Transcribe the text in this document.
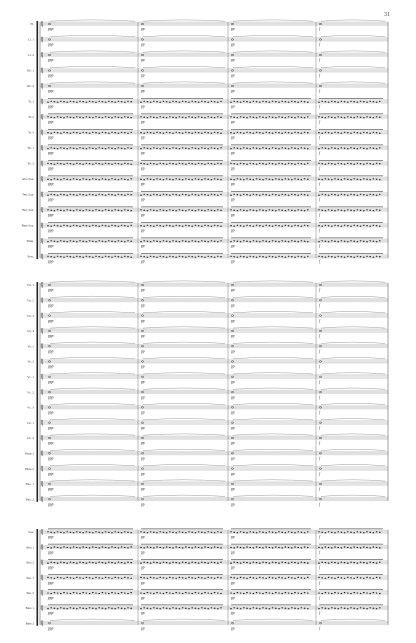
31
Fl.
ppp	pp	pp	f
Cl. 1
ppp	pp	pp	f
Cl. 2
ppp	pp	pp	f
Ob. 1
ppp	pp	pp	f
Ob. 2
ppp	pp	pp	f
Tr. 1
ppp	pp	pp	f
Tr. 2
ppp	pp	pp	f
Tr. 3
ppp	pp	pp	f
Tb. 1
ppp	pp	pp	f
Tb. 2
ppp	pp	pp	f
Alto Sax.
ppp	pp	pp	f
Ten. Sax.
ppp	pp	pp	f
Bar. Sax.
ppp	pp	pp	f
Bass Sax.
ppp	pp	pp	f
Timp.
ppp	pp	pp	f
Perc.
ppp	pp	pp	f
Vn. 1
ppp	pp	pp	f
Vn. 2
ppp	pp	pp	f
Vn. 3
ppp	pp	pp	f
Vn. 4
ppp	pp	pp	f
Va. 1
ppp	pp	pp	f
Va. 2
ppp	pp	pp	f
Vc. 1
ppp	pp	pp	f
Vc. 2
ppp	pp	pp	f
Vc. 3
ppp	pp	pp	f
Cb. 1
ppp	pp	pp	f
Cb. 2
ppp	pp	pp	f
Harp 1
ppp	pp	pp	f
Harp 2
ppp	pp	pp	f
Pno. 1
ppp	pp	pp	f
Pno. 2
ppp	pp	pp	f
Sop.
ppp	pp	pp	f
Alto 1
ppp	pp	pp	f
Alto 2
ppp	pp	pp	f
Ten. 1
ppp	pp	pp	f
Ten. 2
ppp	pp	pp	f
Bass 1
ppp	pp	pp	f
Bass 2
ppp	pp	pp	f
